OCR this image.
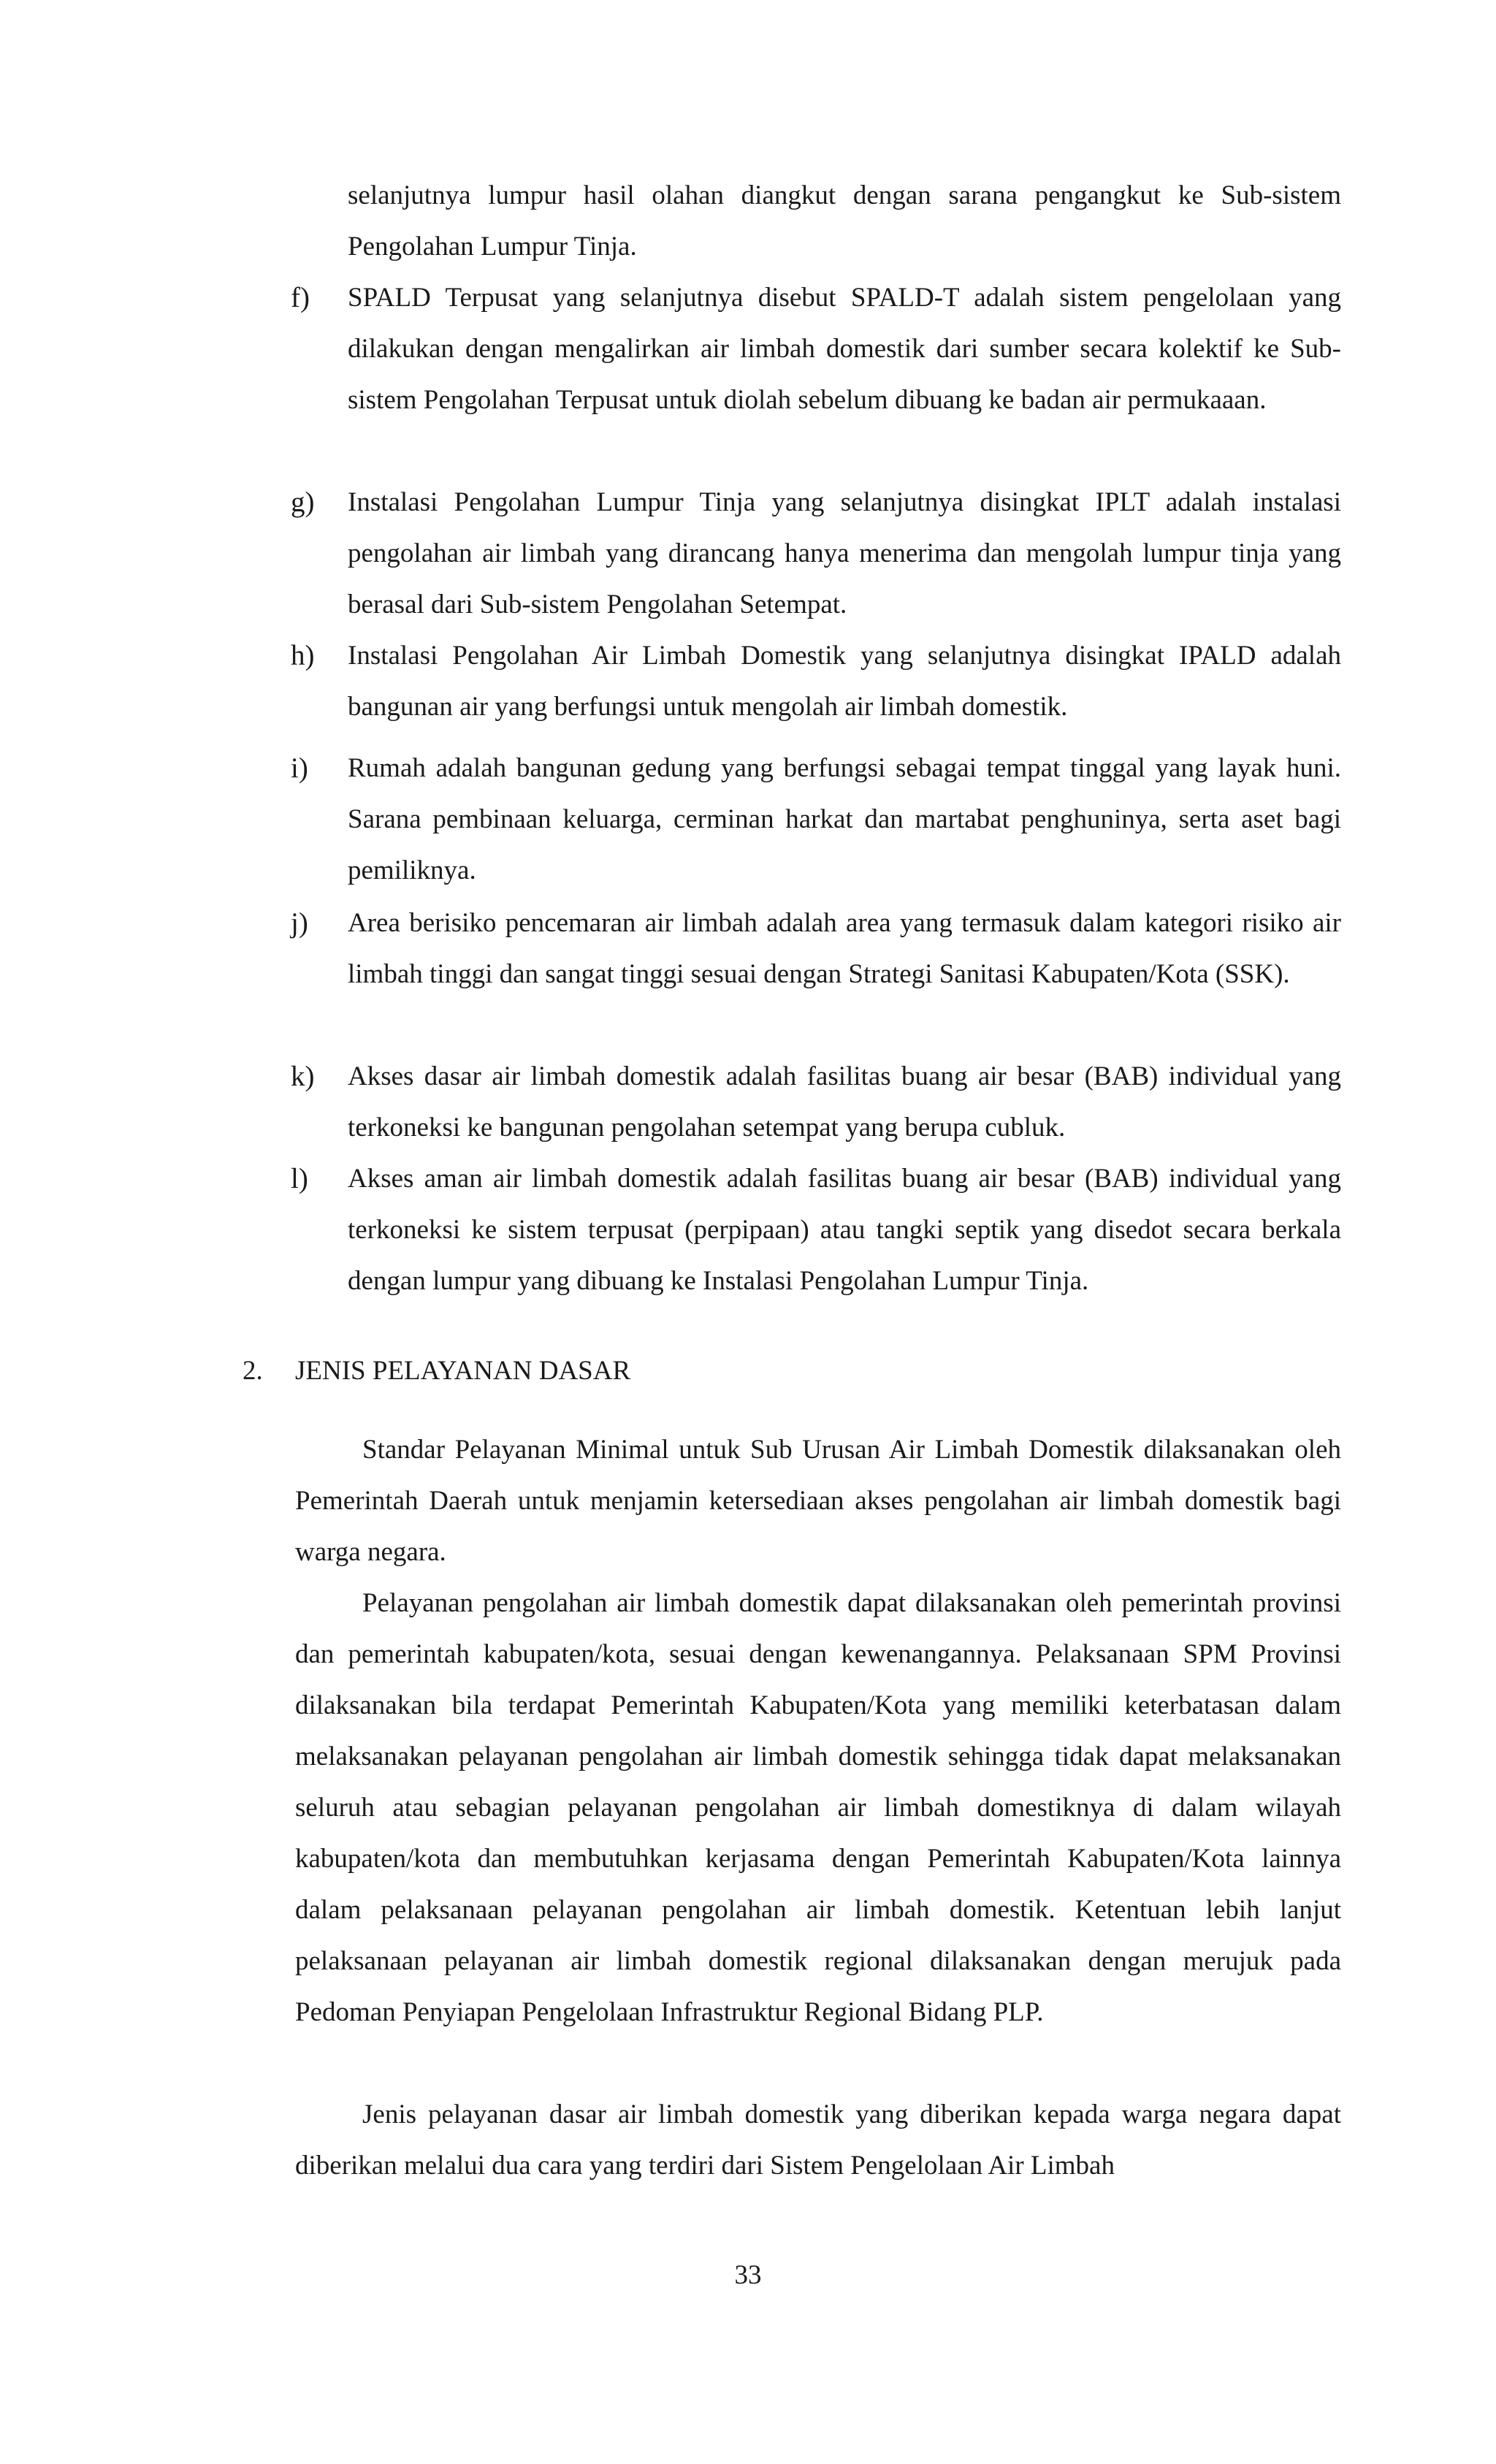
selanjutnya lumpur hasil olahan diangkut dengan sarana pengangkut ke Sub-sistem Pengolahan Lumpur Tinja.
f)	SPALD Terpusat yang selanjutnya disebut SPALD-T adalah sistem pengelolaan yang dilakukan dengan mengalirkan air limbah domestik dari sumber secara kolektif ke Sub-sistem Pengolahan Terpusat untuk diolah sebelum dibuang ke badan air permukaaan.
g)	Instalasi Pengolahan Lumpur Tinja yang selanjutnya disingkat IPLT adalah instalasi pengolahan air limbah yang dirancang hanya menerima dan mengolah lumpur tinja yang berasal dari Sub-sistem Pengolahan Setempat.
h)	Instalasi Pengolahan Air Limbah Domestik yang selanjutnya disingkat IPALD adalah bangunan air yang berfungsi untuk mengolah air limbah domestik.
i)	Rumah adalah bangunan gedung yang berfungsi sebagai tempat tinggal yang layak huni. Sarana pembinaan keluarga, cerminan harkat dan martabat penghuninya, serta aset bagi pemiliknya.
j)	Area berisiko pencemaran air limbah adalah area yang termasuk dalam kategori risiko air limbah tinggi dan sangat tinggi sesuai dengan Strategi Sanitasi Kabupaten/Kota (SSK).
k)	Akses dasar air limbah domestik adalah fasilitas buang air besar (BAB) individual yang terkoneksi ke bangunan pengolahan setempat yang berupa cubluk.
l)	Akses aman air limbah domestik adalah fasilitas buang air besar (BAB) individual yang terkoneksi ke sistem terpusat (perpipaan) atau tangki septik yang disedot secara berkala dengan lumpur yang dibuang ke Instalasi Pengolahan Lumpur Tinja.
2. JENIS PELAYANAN DASAR
Standar Pelayanan Minimal untuk Sub Urusan Air Limbah Domestik dilaksanakan oleh Pemerintah Daerah untuk menjamin ketersediaan akses pengolahan air limbah domestik bagi warga negara.
Pelayanan pengolahan air limbah domestik dapat dilaksanakan oleh pemerintah provinsi dan pemerintah kabupaten/kota, sesuai dengan kewenangannya. Pelaksanaan SPM Provinsi dilaksanakan bila terdapat Pemerintah Kabupaten/Kota yang memiliki keterbatasan dalam melaksanakan pelayanan pengolahan air limbah domestik sehingga tidak dapat melaksanakan seluruh atau sebagian pelayanan pengolahan air limbah domestiknya di dalam wilayah kabupaten/kota dan membutuhkan kerjasama dengan Pemerintah Kabupaten/Kota lainnya dalam pelaksanaan pelayanan pengolahan air limbah domestik. Ketentuan lebih lanjut pelaksanaan pelayanan air limbah domestik regional dilaksanakan dengan merujuk pada Pedoman Penyiapan Pengelolaan Infrastruktur Regional Bidang PLP.
Jenis pelayanan dasar air limbah domestik yang diberikan kepada warga negara dapat diberikan melalui dua cara yang terdiri dari Sistem Pengelolaan Air Limbah
33
